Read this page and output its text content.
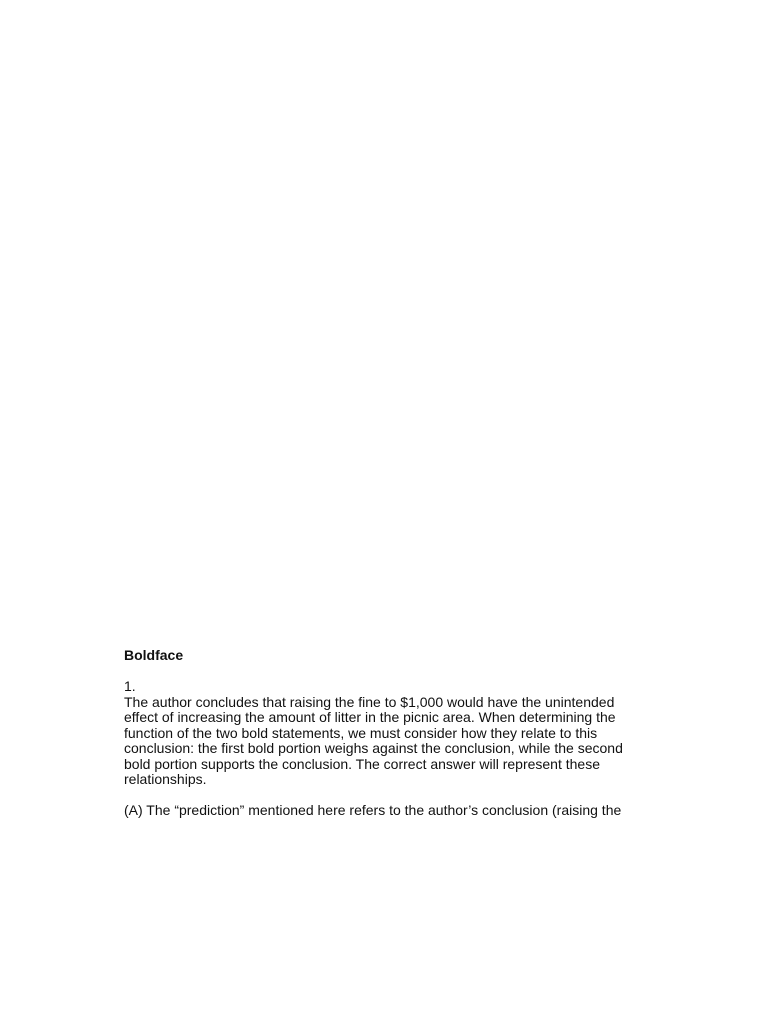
Boldface

1.

The author concludes that raising the fine to $1,000 would have the unintended
effect of increasing the amount of litter in the picnic area. When determining the
function of the two bold statements, we must consider how they relate to this
conclusion: the first bold portion weighs against the conclusion, while the second
bold portion supports the conclusion. The correct answer will represent these
relationships.

(A) The “prediction” mentioned here refers to the author’s conclusion (raising the
